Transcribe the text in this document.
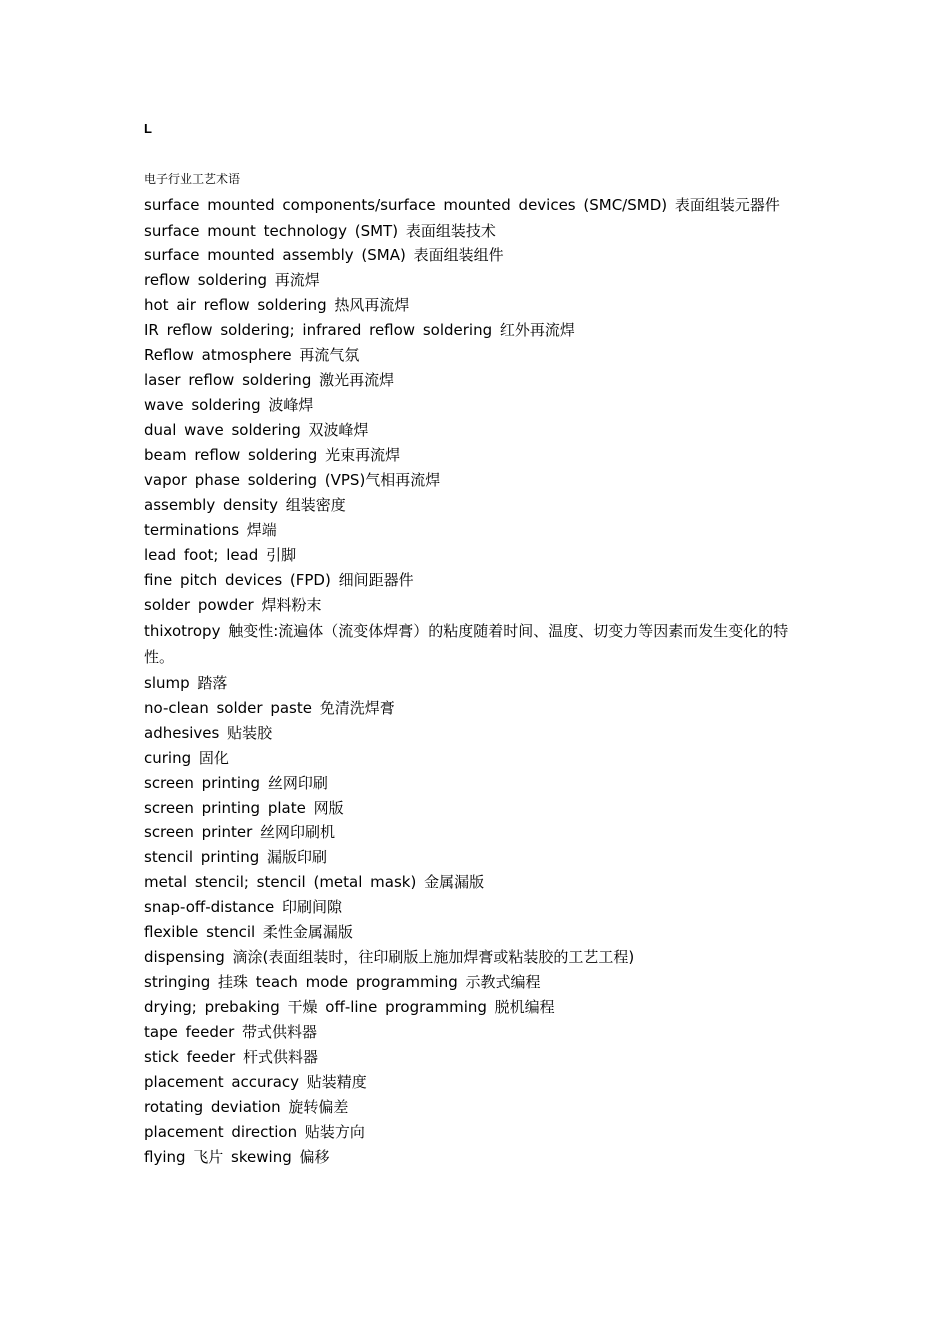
L
电子行业工艺术语
surface mounted components/surface mounted devices (SMC/SMD) 表面组装元器件
surface mount technology (SMT) 表面组装技术
surface mounted assembly (SMA) 表面组装组件
reflow soldering 再流焊
hot air reflow soldering 热风再流焊
IR reflow soldering; infrared reflow soldering 红外再流焊
Reflow atmosphere 再流气氛
laser reflow soldering 激光再流焊
wave soldering 波峰焊
dual wave soldering 双波峰焊
beam reflow soldering 光束再流焊
vapor phase soldering (VPS)气相再流焊
assembly density 组装密度
terminations 焊端
lead foot; lead 引脚
fine pitch devices (FPD) 细间距器件
solder powder 焊料粉末
thixotropy 触变性:流遍体（流变体焊膏）的粘度随着时间、温度、切变力等因素而发生变化的特性。
slump 踏落
no-clean solder paste 免清洗焊膏
adhesives 贴装胶
curing 固化
screen printing 丝网印刷
screen printing plate 网版
screen printer 丝网印刷机
stencil printing 漏版印刷
metal stencil; stencil (metal mask) 金属漏版
snap-off-distance 印刷间隙
flexible stencil 柔性金属漏版
dispensing 滴涂(表面组装时，往印刷版上施加焊膏或粘装胶的工艺工程)
stringing 挂珠 teach mode programming 示教式编程
drying; prebaking 干燥 off-line programming 脱机编程
tape feeder 带式供料器
stick feeder 杆式供料器
placement accuracy 贴装精度
rotating deviation 旋转偏差
placement direction 贴装方向
flying 飞片 skewing 偏移
